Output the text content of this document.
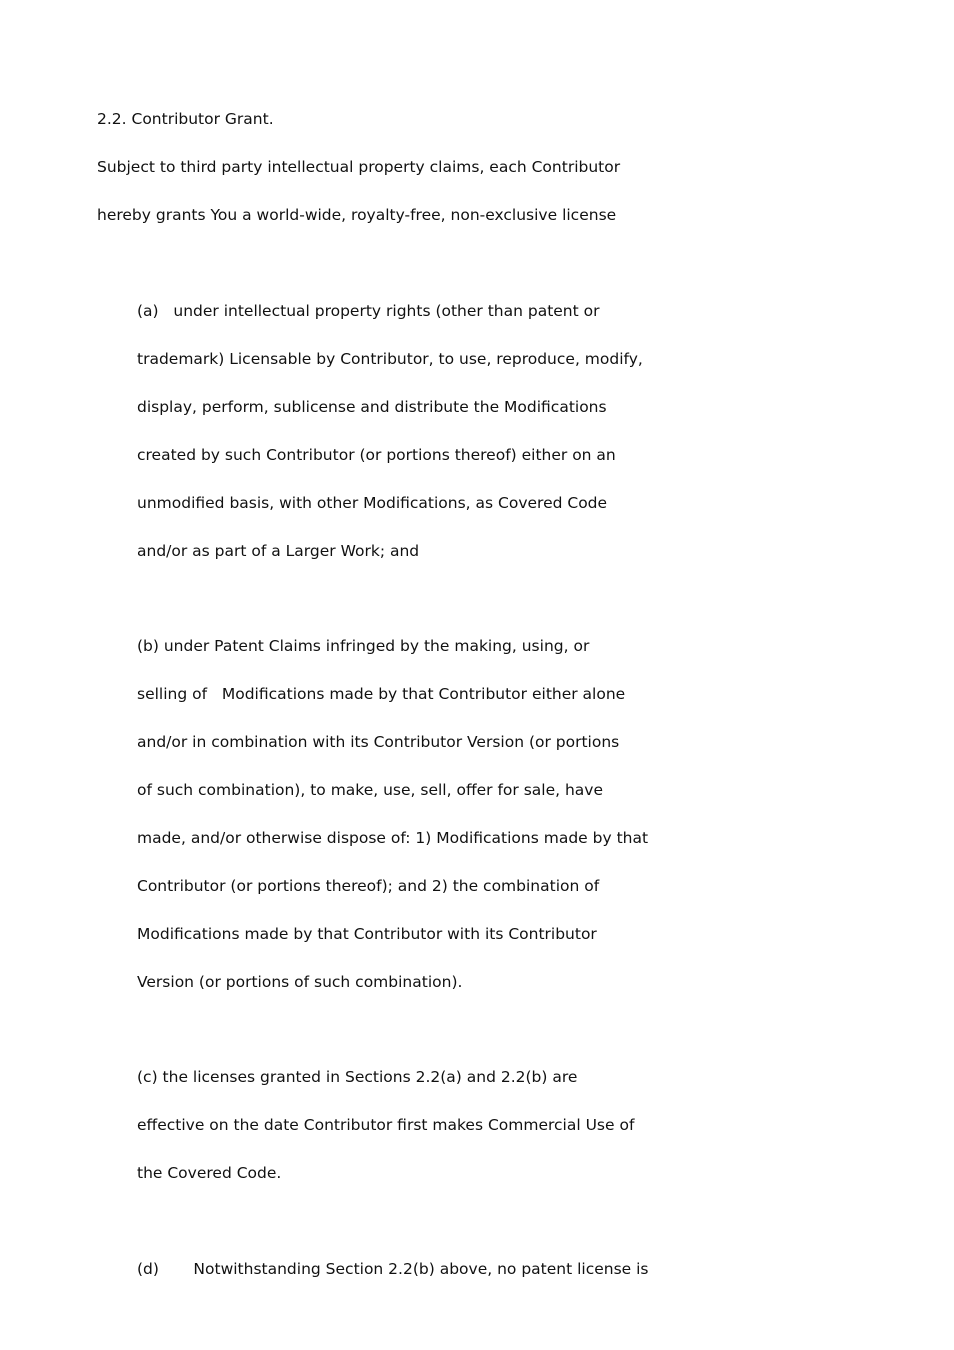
2.2. Contributor Grant.
Subject to third party intellectual property claims, each Contributor
hereby grants You a world-wide, royalty-free, non-exclusive license
(a)   under intellectual property rights (other than patent or
trademark) Licensable by Contributor, to use, reproduce, modify,
display, perform, sublicense and distribute the Modifications
created by such Contributor (or portions thereof) either on an
unmodified basis, with other Modifications, as Covered Code
and/or as part of a Larger Work; and
(b) under Patent Claims infringed by the making, using, or
selling of   Modifications made by that Contributor either alone
and/or in combination with its Contributor Version (or portions
of such combination), to make, use, sell, offer for sale, have
made, and/or otherwise dispose of: 1) Modifications made by that
Contributor (or portions thereof); and 2) the combination of
Modifications made by that Contributor with its Contributor
Version (or portions of such combination).
(c) the licenses granted in Sections 2.2(a) and 2.2(b) are
effective on the date Contributor first makes Commercial Use of
the Covered Code.
(d)       Notwithstanding Section 2.2(b) above, no patent license is
